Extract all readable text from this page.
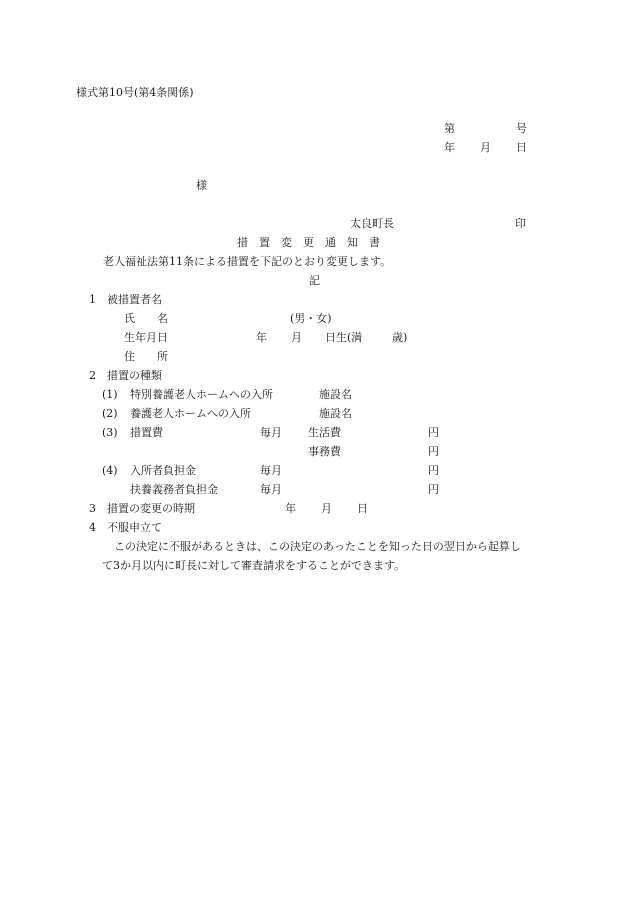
様式第10号(第4条関係)
第	号
年 月 日
様
太良町長	印
措　置　変　更　通　知　書
老人福祉法第11条による措置を下記のとおり変更します。
記
1　被措置者名
氏　　名	(男・女)
生年月日	年 月 日生(満	歳)
住　　所
2　措置の種類
(1) 特別養護老人ホームへの入所	施設名
(2) 養護老人ホームへの入所	施設名
(3) 措置費	毎月 生活費	円
事務費	円
(4) 入所者負担金	毎月	円
扶養義務者負担金	毎月	円
3　措置の変更の時期	年 月 日
4　不服申立て
この決定に不服があるときは、この決定のあったことを知った日の翌日から起算し
て3か月以内に町長に対して審査請求をすることができます。
